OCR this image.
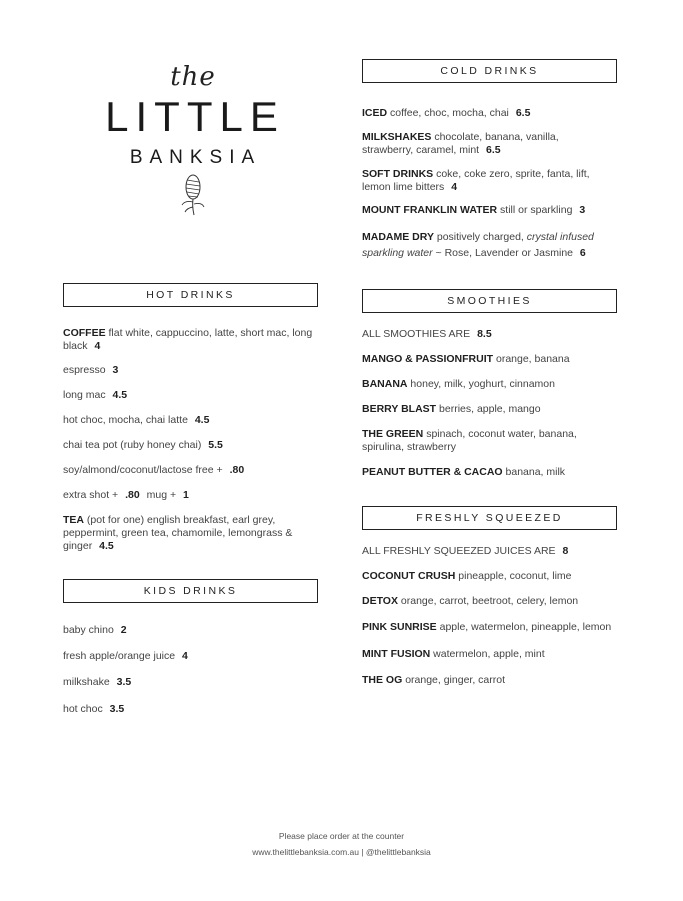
the
LITTLE
BANKSIA
HOT DRINKS
COFFEE flat white, cappuccino, latte, short mac, long black 4
espresso 3
long mac 4.5
hot choc, mocha, chai latte 4.5
chai tea pot (ruby honey chai) 5.5
soy/almond/coconut/lactose free + .80
extra shot + .80 mug + 1
TEA (pot for one) english breakfast, earl grey, peppermint, green tea, chamomile, lemongrass & ginger 4.5
KIDS DRINKS
baby chino 2
fresh apple/orange juice 4
milkshake 3.5
hot choc 3.5
COLD DRINKS
ICED coffee, choc, mocha, chai 6.5
MILKSHAKES chocolate, banana, vanilla, strawberry, caramel, mint 6.5
SOFT DRINKS coke, coke zero, sprite, fanta, lift, lemon lime bitters 4
MOUNT FRANKLIN WATER still or sparkling 3
MADAME DRY positively charged, crystal infused sparkling water ~ Rose, Lavender or Jasmine 6
SMOOTHIES
ALL SMOOTHIES ARE 8.5
MANGO & PASSIONFRUIT orange, banana
BANANA honey, milk, yoghurt, cinnamon
BERRY BLAST berries, apple, mango
THE GREEN spinach, coconut water, banana, spirulina, strawberry
PEANUT BUTTER & CACAO banana, milk
FRESHLY SQUEEZED
ALL FRESHLY SQUEEZED JUICES ARE 8
COCONUT CRUSH pineapple, coconut, lime
DETOX orange, carrot, beetroot, celery, lemon
PINK SUNRISE apple, watermelon, pineapple, lemon
MINT FUSION watermelon, apple, mint
THE OG orange, ginger, carrot
Please place order at the counter
www.thelittlebanksia.com.au | @thelittlebanksia
